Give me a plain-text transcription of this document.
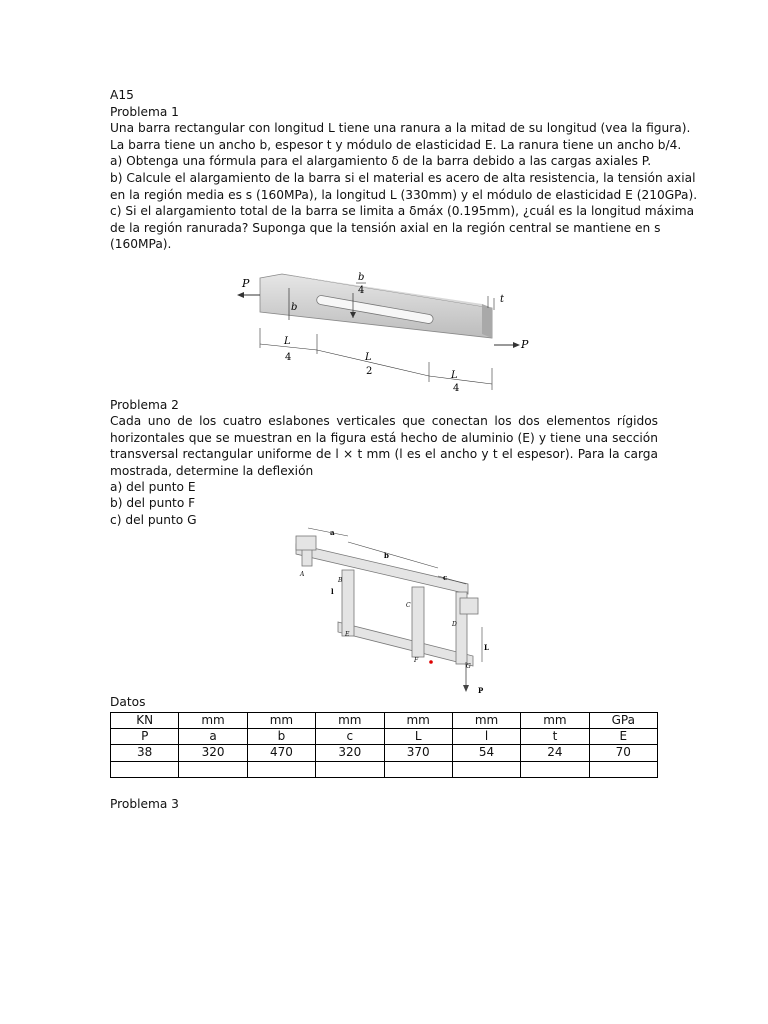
A15
Problema 1
Una barra rectangular con longitud L tiene una ranura a la mitad de su longitud (vea la figura).
La barra tiene un ancho b, espesor t y módulo de elasticidad E. La ranura tiene un ancho b/4.
a) Obtenga una fórmula para el alargamiento δ de la barra debido a las cargas axiales P.
b) Calcule el alargamiento de la barra si el material es acero de alta resistencia, la tensión axial
en la región media es s (160MPa), la longitud L (330mm) y el módulo de elasticidad E (210GPa).
c) Si el alargamiento total de la barra se limita a δmáx (0.195mm), ¿cuál es la longitud máxima
de la región ranurada? Suponga que la tensión axial en la región central se mantiene en s
(160MPa).
P
P
b
b
4
t
L
4	L
2	L
4
Problema 2
Cada uno de los cuatro eslabones verticales que conectan los dos elementos rígidos
horizontales que se muestran en la figura está hecho de aluminio (E) y tiene una sección
transversal rectangular uniforme de l × t mm (l es el ancho y t el espesor). Para la carga
mostrada, determine la deflexión
a) del punto E
b) del punto F
c) del punto G
a
b
c
A
B
C
D
E
F
G
l
L
P
Datos
KN	mm	mm	mm	mm	mm	mm	GPa
P	a	b	c	L	l	t	E
38	320	470	320	370	54	24	70

Problema 3
